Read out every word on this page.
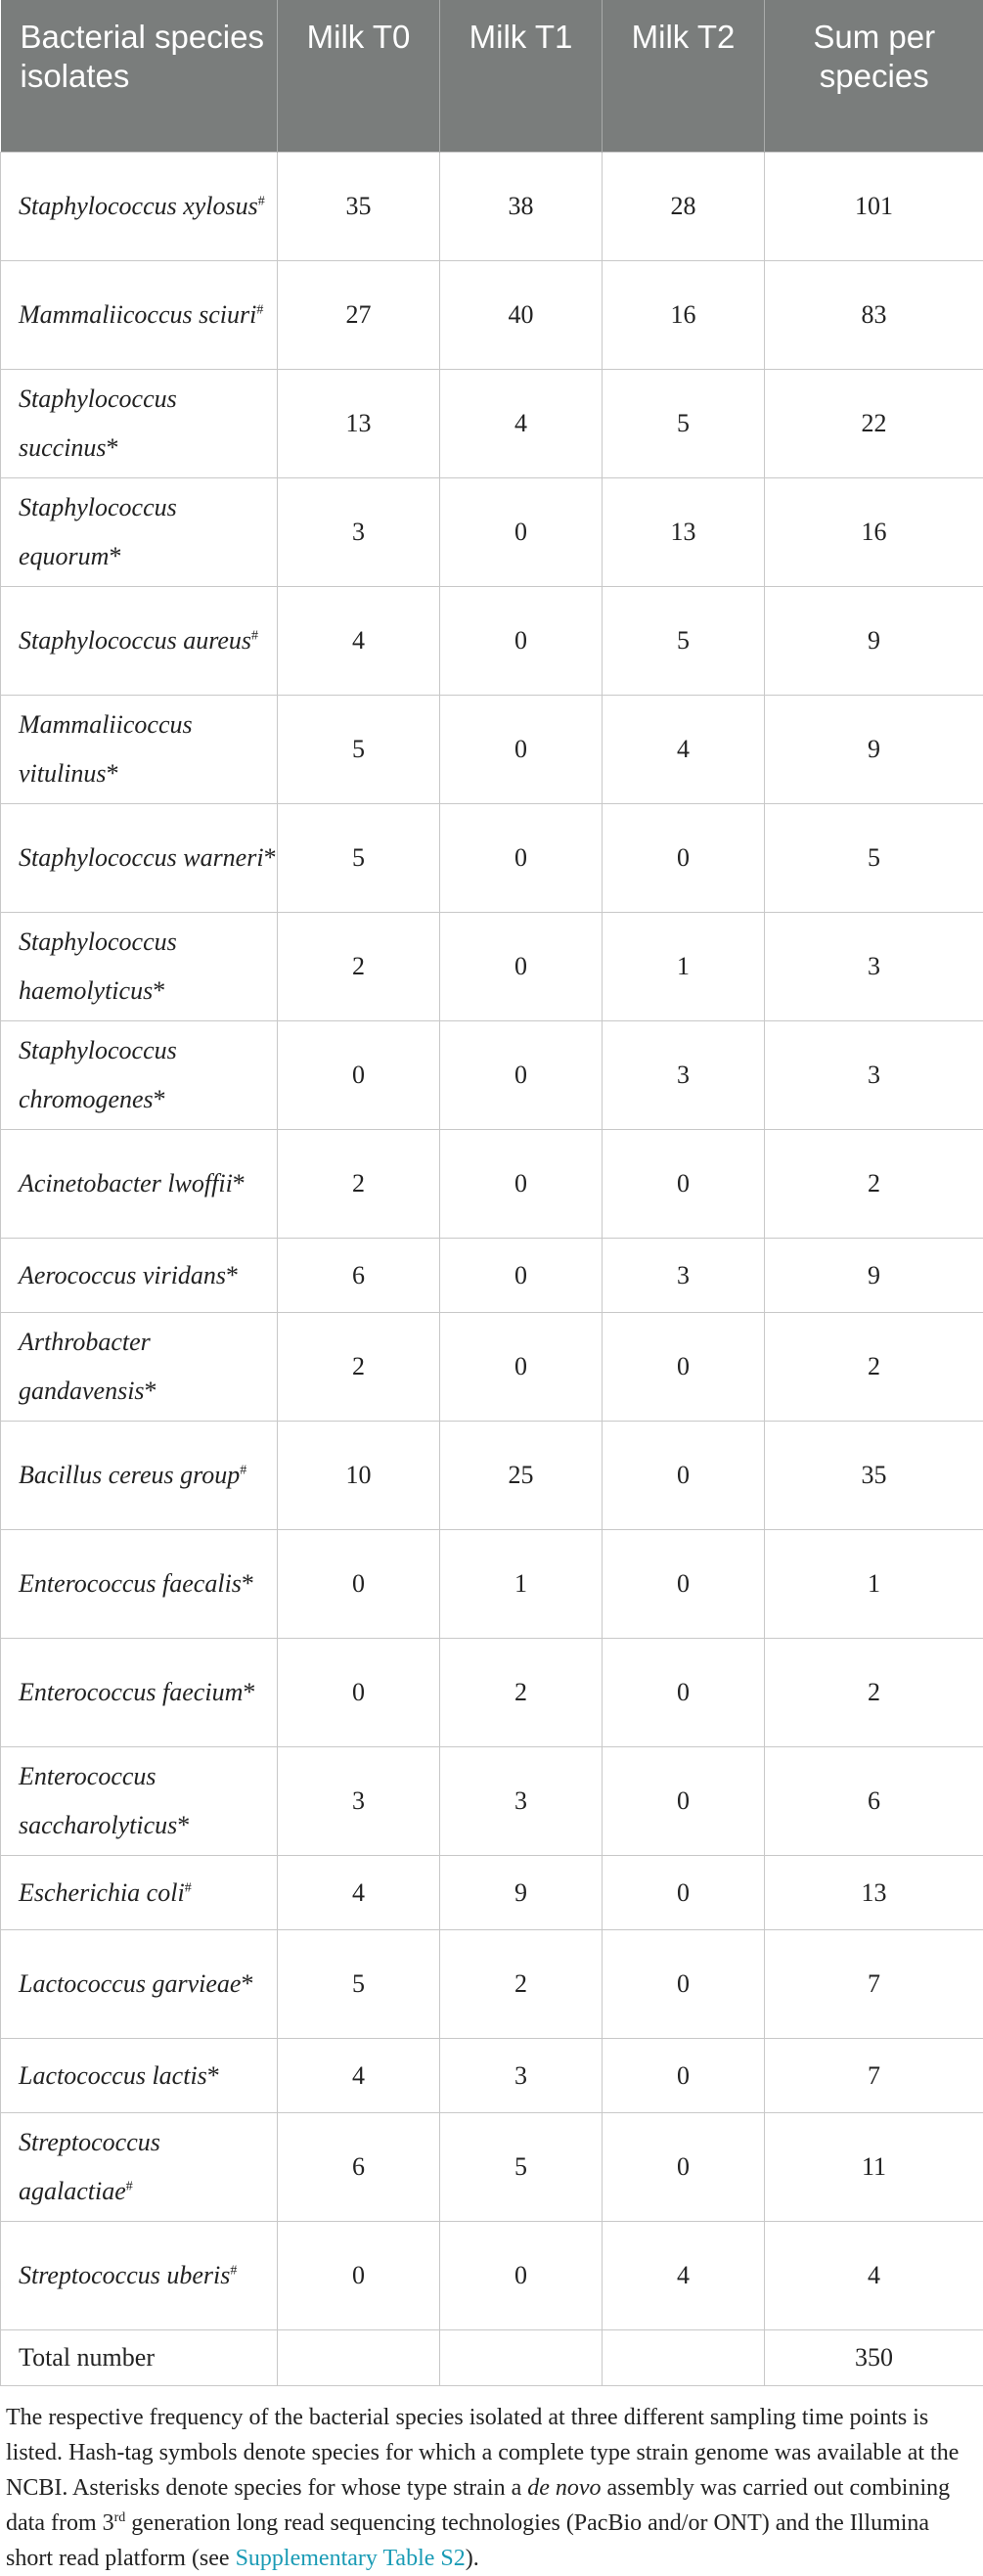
Bacterial species isolates	Milk T0	Milk T1	Milk T2	Sum per species

Staphylococcus xylosus#	35	38	28	101
Mammaliicoccus sciuri#	27	40	16	83
Staphylococcus succinus*	13	4	5	22
Staphylococcus equorum*	3	0	13	16
Staphylococcus aureus#	4	0	5	9
Mammaliicoccus vitulinus*	5	0	4	9
Staphylococcus warneri*	5	0	0	5
Staphylococcus haemolyticus*	2	0	1	3
Staphylococcus chromogenes*	0	0	3	3
Acinetobacter lwoffii*	2	0	0	2
Aerococcus viridans*	6	0	3	9
Arthrobacter gandavensis*	2	0	0	2
Bacillus cereus group#	10	25	0	35
Enterococcus faecalis*	0	1	0	1
Enterococcus faecium*	0	2	0	2
Enterococcus saccharolyticus*	3	3	0	6
Escherichia coli#	4	9	0	13
Lactococcus garvieae*	5	2	0	7
Lactococcus lactis*	4	3	0	7
Streptococcus agalactiae#	6	5	0	11
Streptococcus uberis#	0	0	4	4
Total number				350
The respective frequency of the bacterial species isolated at three different sampling time points is listed. Hash-tag symbols denote species for which a complete type strain genome was available at the NCBI. Asterisks denote species for whose type strain a de novo assembly was carried out combining data from 3rd generation long read sequencing technologies (PacBio and/or ONT) and the Illumina short read platform (see Supplementary Table S2).
